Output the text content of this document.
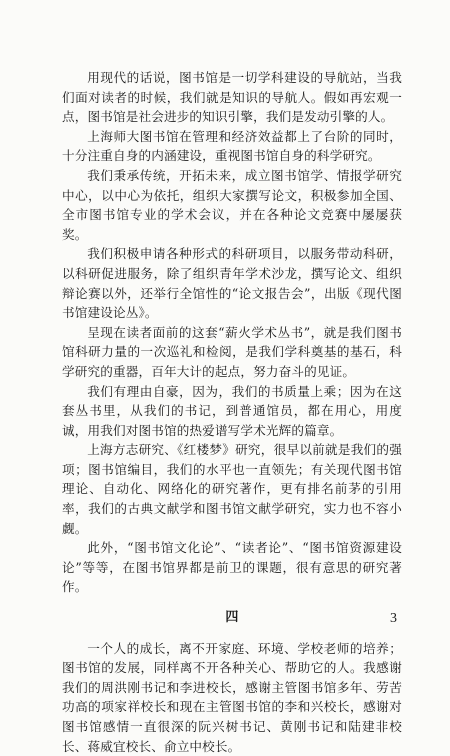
用现代的话说，图书馆是一切学科建设的导航站，当我们面对读者的时候，我们就是知识的导航人。假如再宏观一点，图书馆是社会进步的知识引擎，我们是发动引擎的人。

上海师大图书馆在管理和经济效益都上了台阶的同时，十分注重自身的内涵建设，重视图书馆自身的科学研究。

我们秉承传统，开拓未来，成立图书馆学、情报学研究中心，以中心为依托，组织大家撰写论文，积极参加全国、全市图书馆专业的学术会议，并在各种论文竞赛中屡屡获奖。

我们积极申请各种形式的科研项目，以服务带动科研，以科研促进服务，除了组织青年学术沙龙，撰写论文、组织辩论赛以外，还举行全馆性的“论文报告会”，出版《现代图书馆建设论丛》。

呈现在读者面前的这套“薪火学术丛书”，就是我们图书馆科研力量的一次巡礼和检阅，是我们学科奠基的基石，科学研究的重器，百年大计的起点，努力奋斗的见证。

我们有理由自豪，因为，我们的书质量上乘；因为在这套丛书里，从我们的书记，到普通馆员，都在用心，用度诚，用我们对图书馆的热爱谱写学术光辉的篇章。

上海方志研究、《红楼梦》研究，很早以前就是我们的强项；图书馆编目，我们的水平也一直领先；有关现代图书馆理论、自动化、网络化的研究著作，更有排名前茅的引用率，我们的古典文献学和图书馆文献学研究，实力也不容小觑。

此外，“图书馆文化论”、“读者论”、“图书馆资源建设论”等等，在图书馆界都是前卫的课题，很有意思的研究著作。

四

一个人的成长，离不开家庭、环境、学校老师的培养；图书馆的发展，同样离不开各种关心、帮助它的人。我感谢我们的周洪刚书记和李进校长，感谢主管图书馆多年、劳苦功高的项家祥校长和现在主管图书馆的李和兴校长，感谢对图书馆感情一直很深的阮兴树书记、黄刚书记和陆建非校长、蒋威宜校长、俞立中校长。

3
